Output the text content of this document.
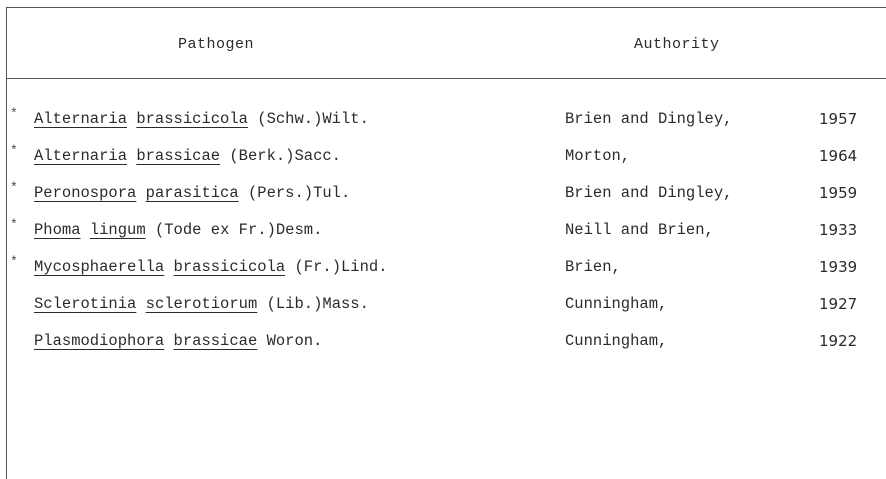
Pathogen	Authority
* Alternaria brassicicola (Schw.)Wilt.	Brien and Dingley,	1957
* Alternaria brassicae (Berk.)Sacc.	Morton,	1964
* Peronospora parasitica (Pers.)Tul.	Brien and Dingley,	1959
* Phoma lingum (Tode ex Fr.)Desm.	Neill and Brien,	1933
* Mycosphaerella brassicicola (Fr.)Lind.	Brien,	1939
Sclerotinia sclerotiorum (Lib.)Mass.	Cunningham,	1927
Plasmodiophora brassicae Woron.	Cunningham,	1922
